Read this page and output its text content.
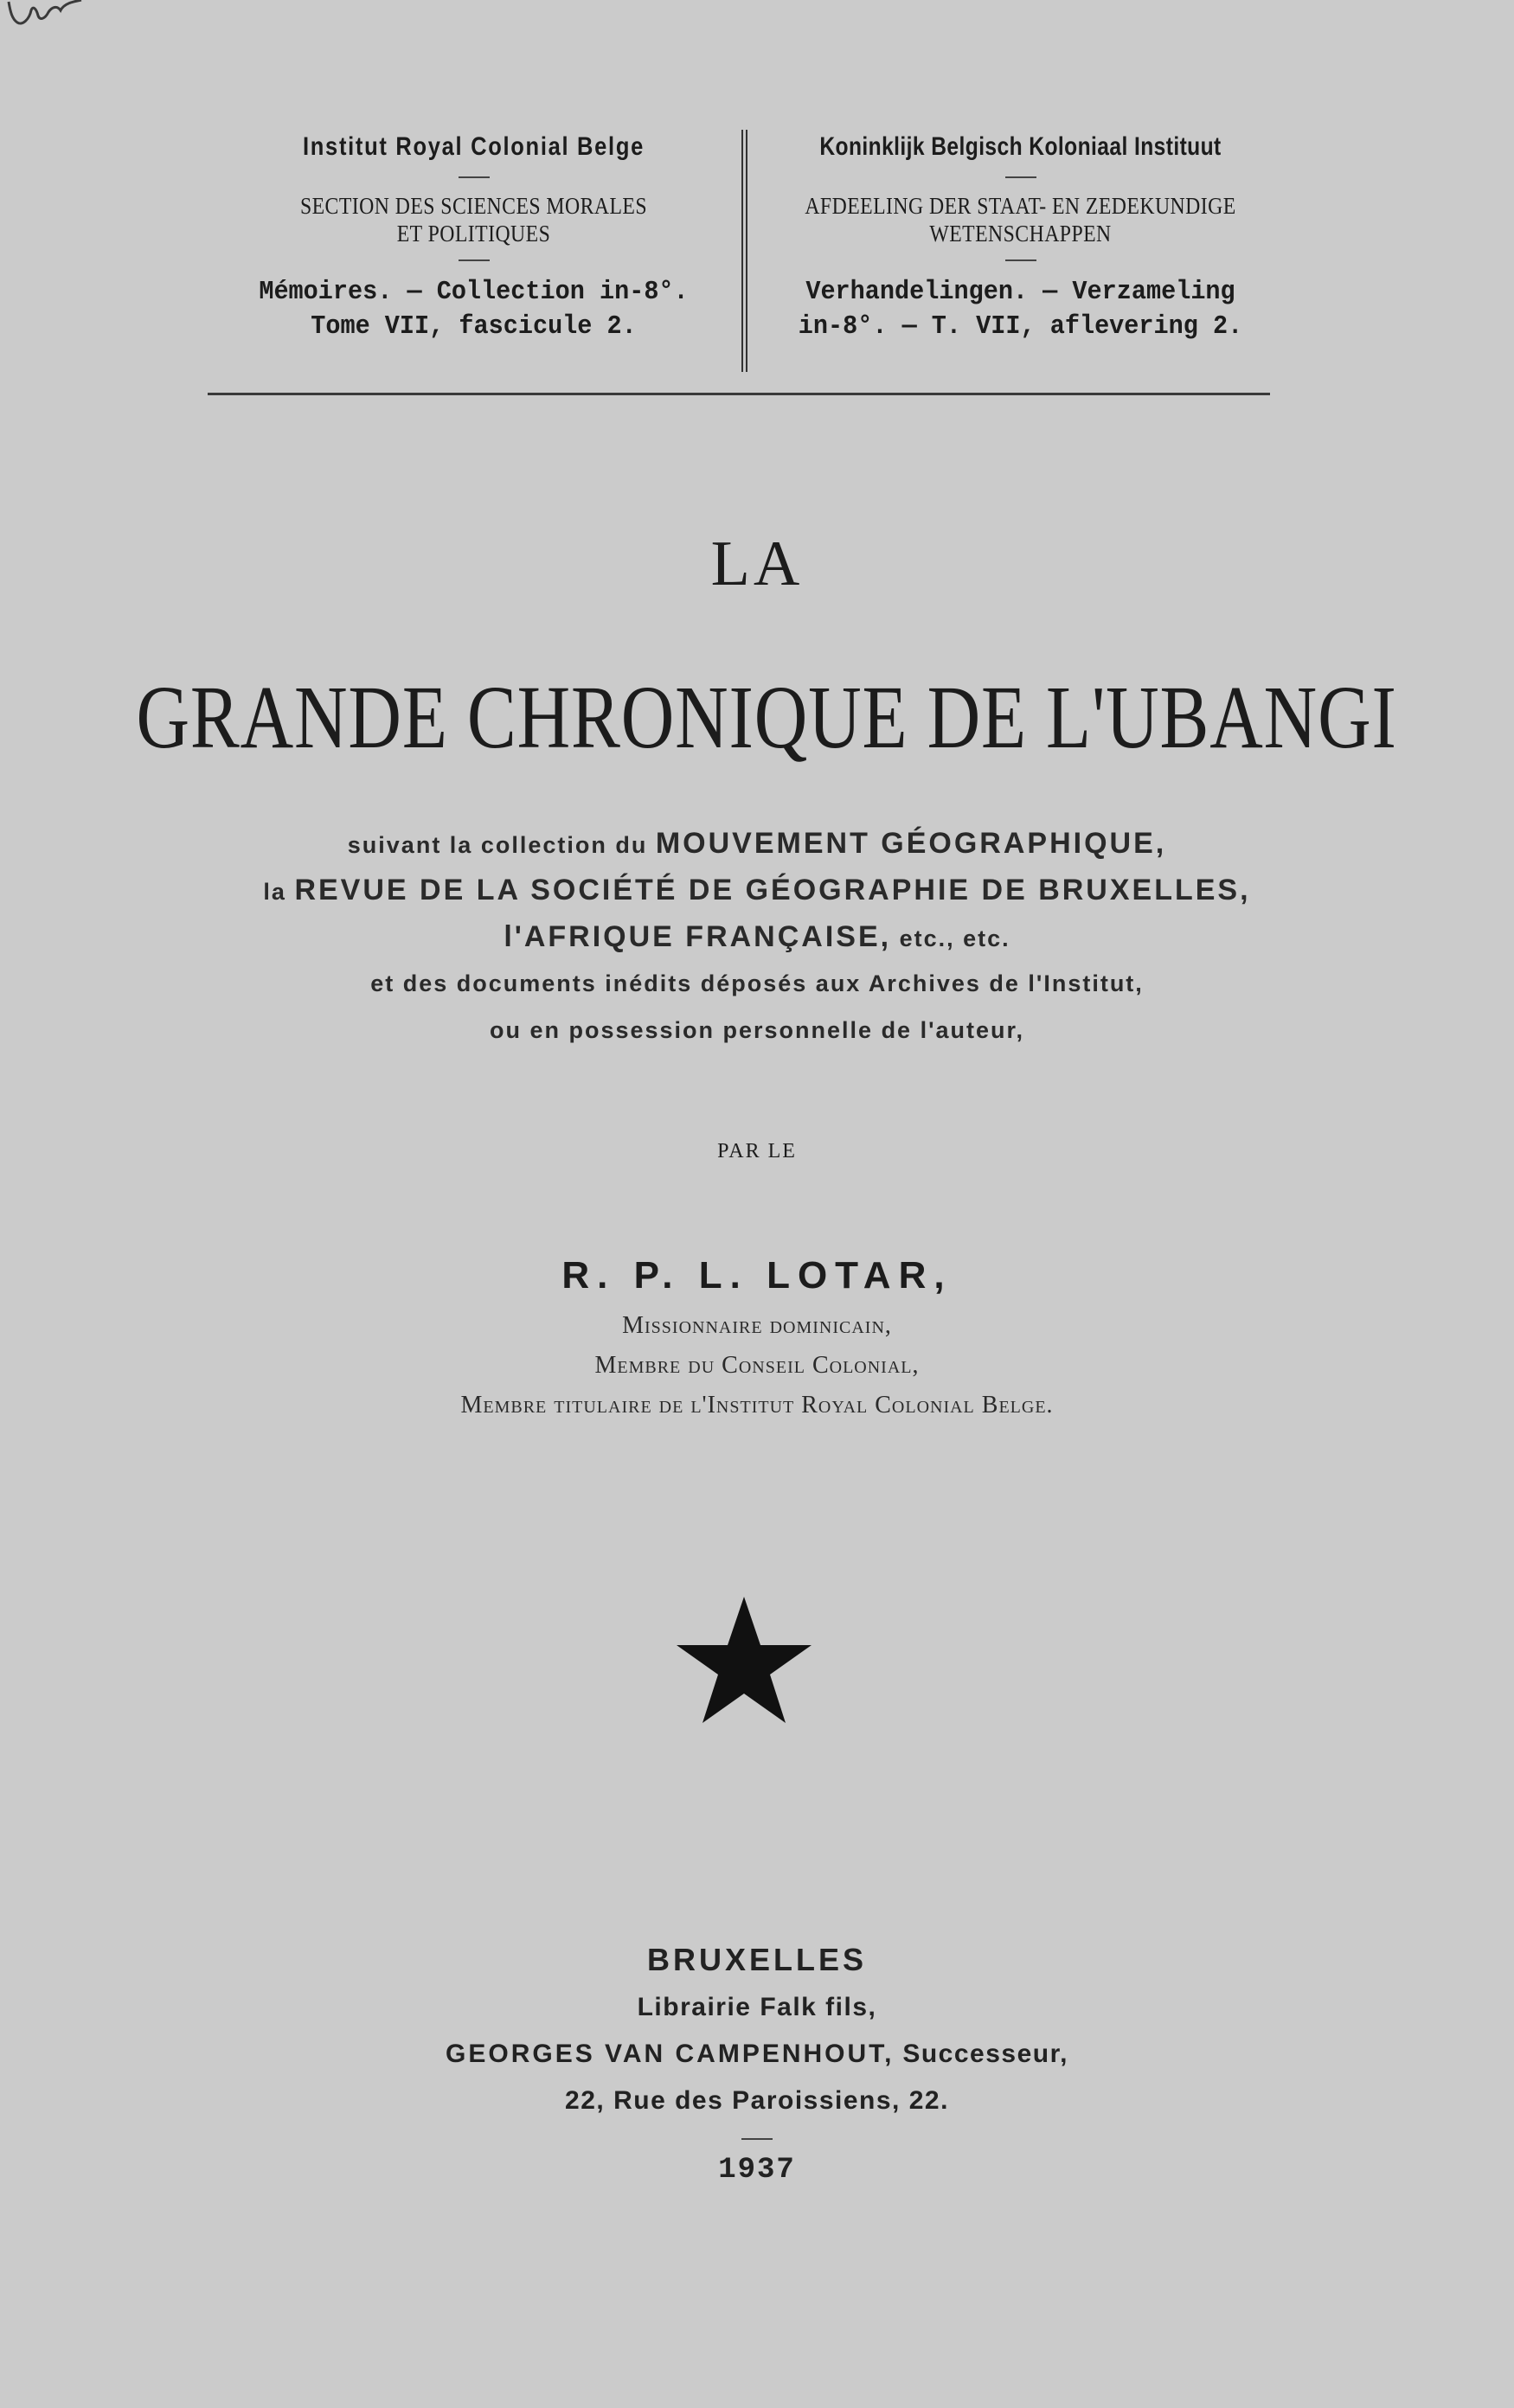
Institut Royal Colonial Belge
SECTION DES SCIENCES MORALES
ET POLITIQUES
Mémoires. — Collection in-8°.
Tome VII, fascicule 2.
Koninklijk Belgisch Koloniaal Instituut
AFDEELING DER STAAT- EN ZEDEKUNDIGE
WETENSCHAPPEN
Verhandelingen. — Verzameling
in-8°. — T. VII, aflevering 2.
LA
GRANDE CHRONIQUE DE L'UBANGI
suivant la collection du MOUVEMENT GÉOGRAPHIQUE,
la REVUE DE LA SOCIÉTÉ DE GÉOGRAPHIE DE BRUXELLES,
l'AFRIQUE FRANÇAISE, etc., etc.
et des documents inédits déposés aux Archives de l'Institut,
ou en possession personnelle de l'auteur,
PAR LE
R. P. L. LOTAR,
Missionnaire dominicain,
Membre du Conseil Colonial,
Membre titulaire de l'Institut Royal Colonial Belge.
BRUXELLES
Librairie Falk fils,
GEORGES VAN CAMPENHOUT, Successeur,
22, Rue des Paroissiens, 22.
1937
